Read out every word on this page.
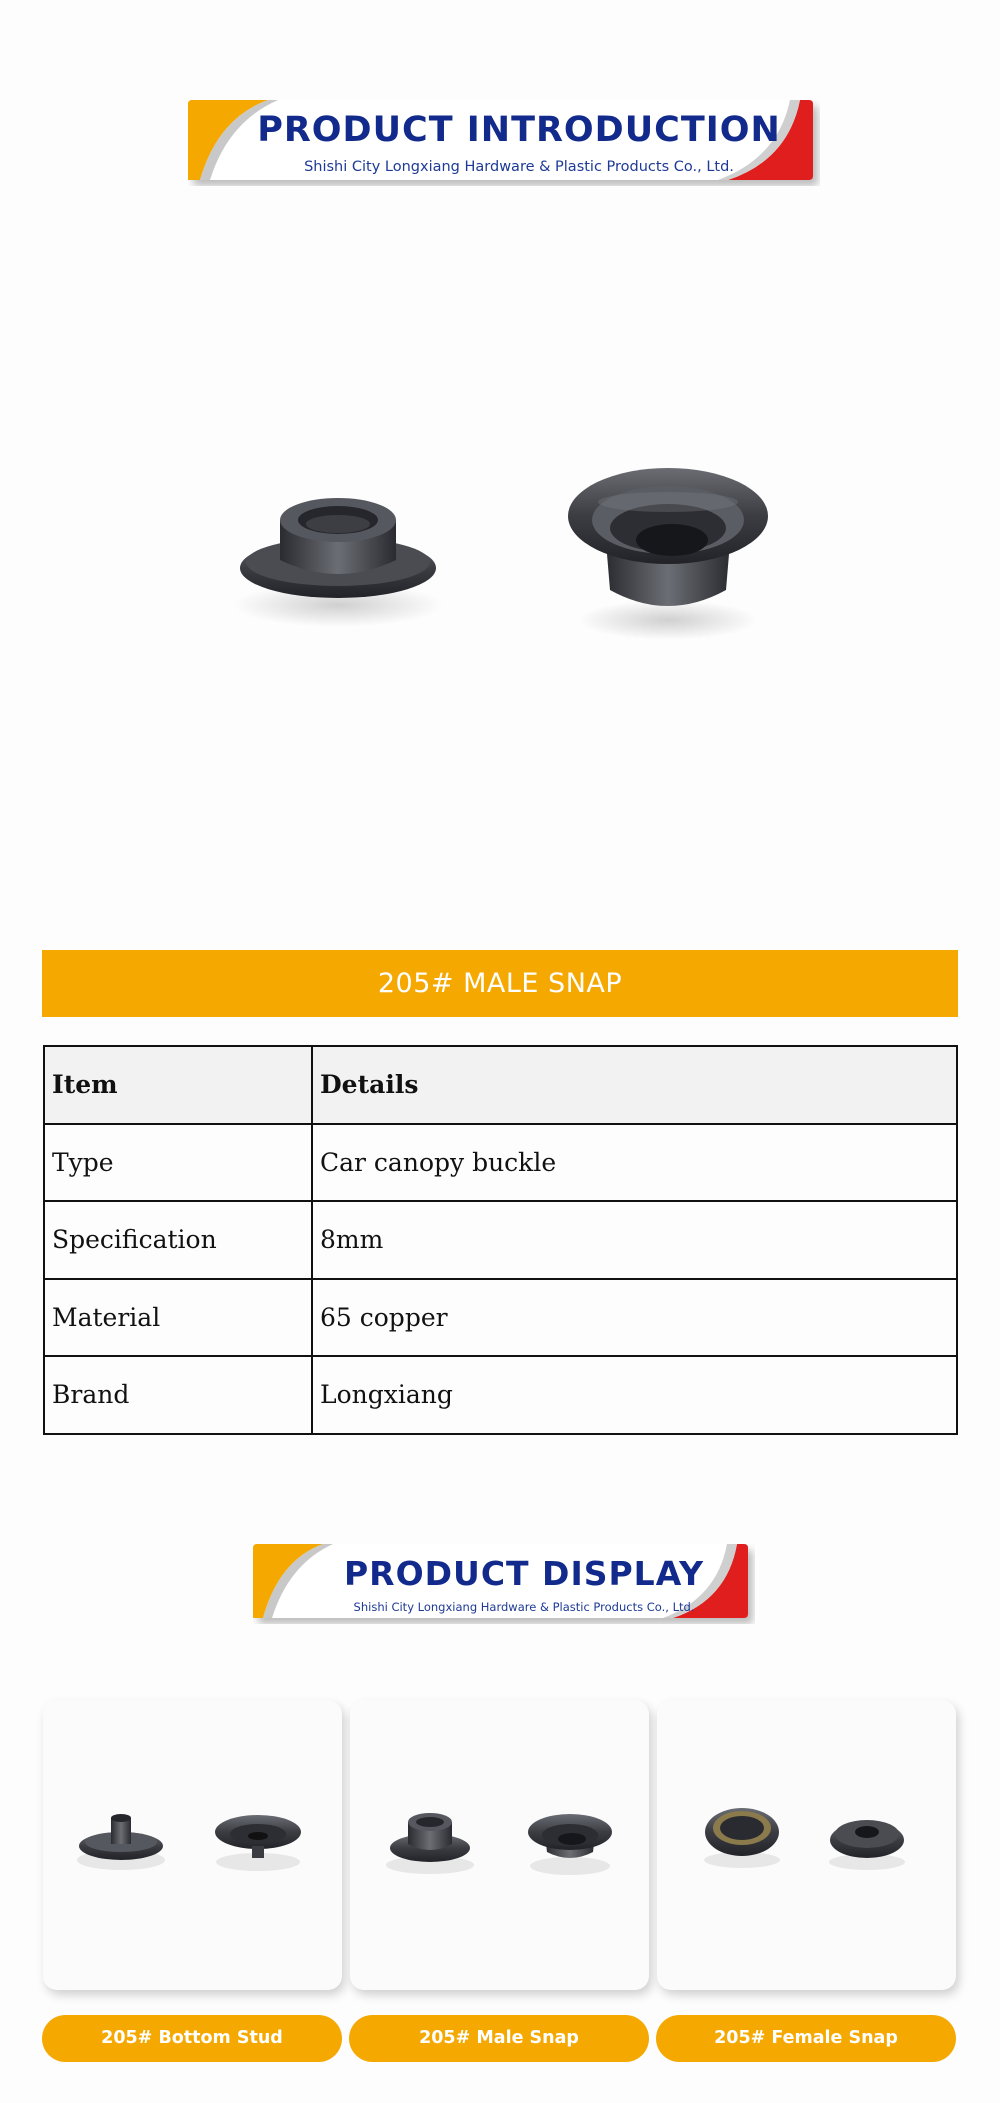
PRODUCT INTRODUCTION
Shishi City Longxiang Hardware & Plastic Products Co., Ltd.
205# MALE SNAP
Item	Details
Type	Car canopy buckle
Specification	8mm
Material	65 copper
Brand	Longxiang
PRODUCT DISPLAY
Shishi City Longxiang Hardware & Plastic Products Co., Ltd.
205# Bottom Stud	205# Male Snap	205# Female Snap
